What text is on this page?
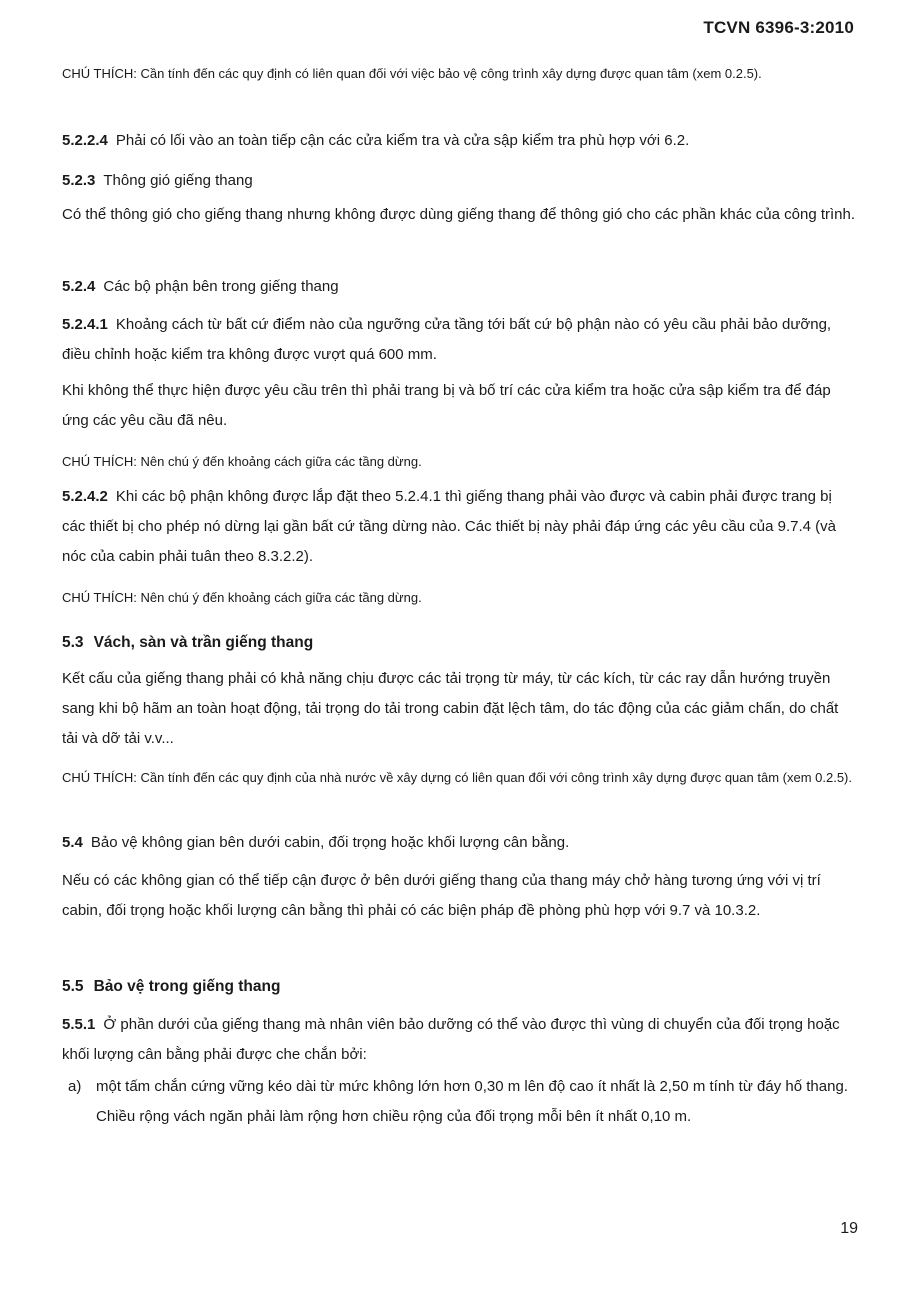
TCVN 6396-3:2010

CHÚ THÍCH: Cần tính đến các quy định có liên quan đối với việc bảo vệ công trình xây dựng được quan tâm (xem 0.2.5).

5.2.2.4 Phải có lối vào an toàn tiếp cận các cửa kiểm tra và cửa sập kiểm tra phù hợp với 6.2.

5.2.3 Thông gió giếng thang

Có thể thông gió cho giếng thang nhưng không được dùng giếng thang để thông gió cho các phần khác của công trình.

5.2.4 Các bộ phận bên trong giếng thang

5.2.4.1 Khoảng cách từ bất cứ điểm nào của ngưỡng cửa tầng tới bất cứ bộ phận nào có yêu cầu phải bảo dưỡng, điều chỉnh hoặc kiểm tra không được vượt quá 600 mm.

Khi không thể thực hiện được yêu cầu trên thì phải trang bị và bố trí các cửa kiểm tra hoặc cửa sập kiểm tra để đáp ứng các yêu cầu đã nêu.

CHÚ THÍCH: Nên chú ý đến khoảng cách giữa các tầng dừng.

5.2.4.2 Khi các bộ phận không được lắp đặt theo 5.2.4.1 thì giếng thang phải vào được và cabin phải được trang bị các thiết bị cho phép nó dừng lại gần bất cứ tầng dừng nào. Các thiết bị này phải đáp ứng các yêu cầu của 9.7.4 (và nóc của cabin phải tuân theo 8.3.2.2).

CHÚ THÍCH: Nên chú ý đến khoảng cách giữa các tầng dừng.

5.3 Vách, sàn và trần giếng thang

Kết cấu của giếng thang phải có khả năng chịu được các tải trọng từ máy, từ các kích, từ các ray dẫn hướng truyền sang khi bộ hãm an toàn hoạt động, tải trọng do tải trong cabin đặt lệch tâm, do tác động của các giảm chấn, do chất tải và dỡ tải v.v...

CHÚ THÍCH: Cần tính đến các quy định của nhà nước về xây dựng có liên quan đối với công trình xây dựng được quan tâm (xem 0.2.5).

5.4 Bảo vệ không gian bên dưới cabin, đối trọng hoặc khối lượng cân bằng.

Nếu có các không gian có thể tiếp cận được ở bên dưới giếng thang của thang máy chở hàng tương ứng với vị trí cabin, đối trọng hoặc khối lượng cân bằng thì phải có các biện pháp đề phòng phù hợp với 9.7 và 10.3.2.

5.5 Bảo vệ trong giếng thang

5.5.1 Ở phần dưới của giếng thang mà nhân viên bảo dưỡng có thể vào được thì vùng di chuyển của đối trọng hoặc khối lượng cân bằng phải được che chắn bởi:

a) một tấm chắn cứng vững kéo dài từ mức không lớn hơn 0,30 m lên độ cao ít nhất là 2,50 m tính từ đáy hố thang.

Chiều rộng vách ngăn phải làm rộng hơn chiều rộng của đối trọng mỗi bên ít nhất 0,10 m.

19
